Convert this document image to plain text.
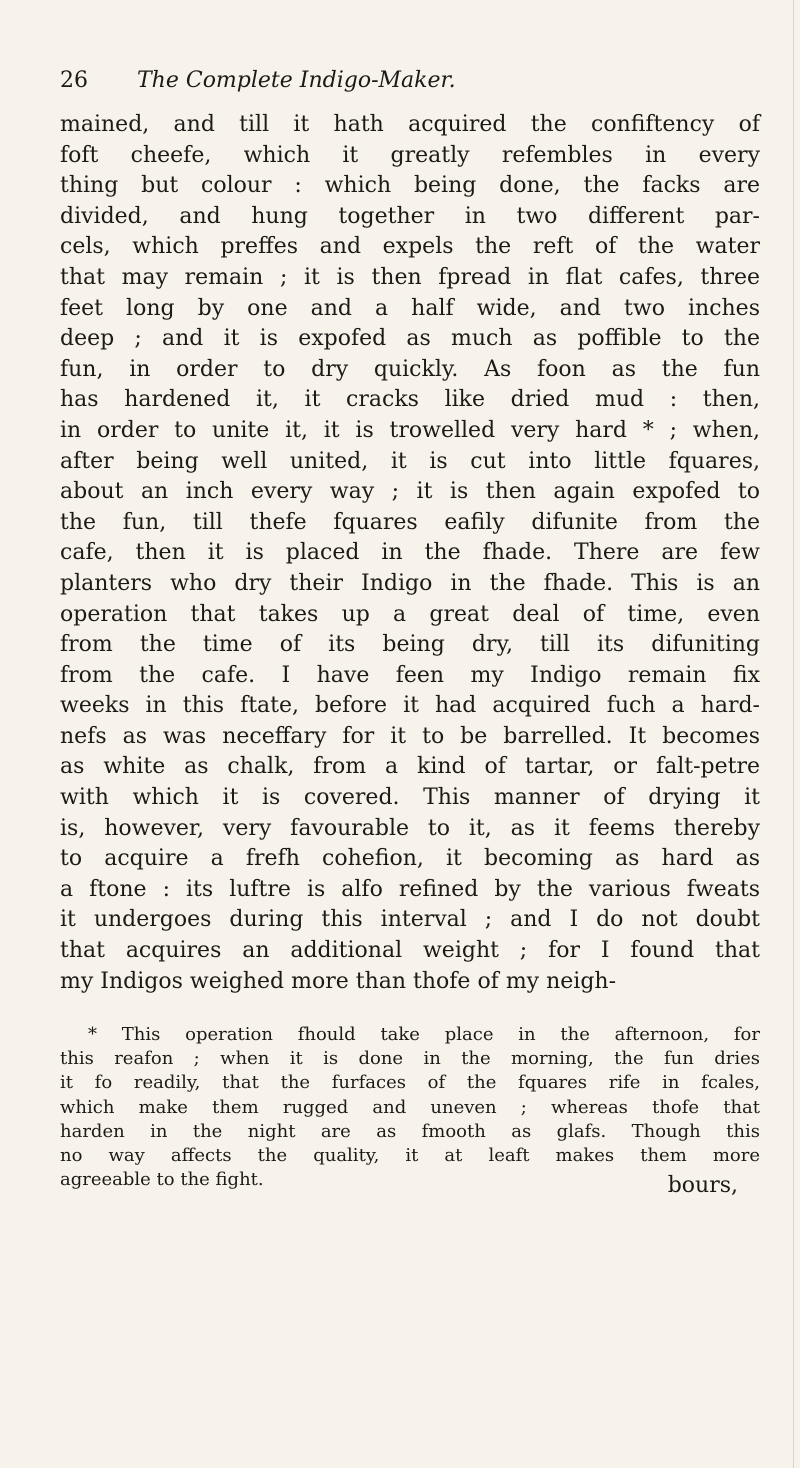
26 The Complete Indigo-Maker.
mained, and till it hath acquired the confiftency of
foft cheefe, which it greatly refembles in every
thing but colour : which being done, the facks are
divided, and hung together in two different par-
cels, which preffes and expels the reft of the water
that may remain ; it is then fpread in flat cafes, three
feet long by one and a half wide, and two inches
deep ; and it is expofed as much as poffible to the
fun, in order to dry quickly. As foon as the fun
has hardened it, it cracks like dried mud : then,
in order to unite it, it is trowelled very hard * ; when,
after being well united, it is cut into little fquares,
about an inch every way ; it is then again expofed to
the fun, till thefe fquares eafily difunite from the
cafe, then it is placed in the fhade. There are few
planters who dry their Indigo in the fhade. This is an
operation that takes up a great deal of time, even
from the time of its being dry, till its difuniting
from the cafe. I have feen my Indigo remain fix
weeks in this ftate, before it had acquired fuch a hard-
nefs as was neceffary for it to be barrelled. It becomes
as white as chalk, from a kind of tartar, or falt-petre
with which it is covered. This manner of drying it
is, however, very favourable to it, as it feems thereby
to acquire a frefh cohefion, it becoming as hard as
a ftone : its luftre is alfo refined by the various fweats
it undergoes during this interval ; and I do not doubt
that acquires an additional weight ; for I found that
my Indigos weighed more than thofe of my neigh-
* This operation fhould take place in the afternoon, for
this reafon ; when it is done in the morning, the fun dries
it fo readily, that the furfaces of the fquares rife in fcales,
which make them rugged and uneven ; whereas thofe that
harden in the night are as fmooth as glafs. Though this
no way affects the quality, it at leaft makes them more
agreeable to the fight.	bours,
